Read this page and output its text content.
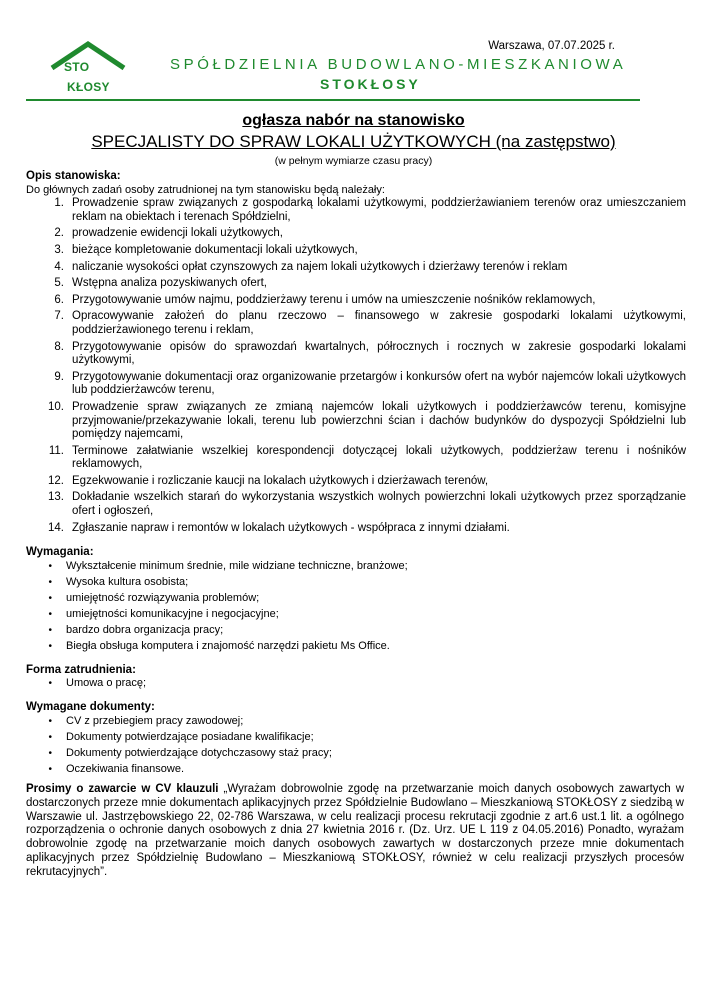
STO
KŁOSY
Warszawa, 07.07.2025 r.
SPÓŁDZIELNIA BUDOWLANO-MIESZKANIOWA
STOKŁOSY
ogłasza nabór na stanowisko
SPECJALISTY DO SPRAW LOKALI UŻYTKOWYCH (na zastępstwo)
(w pełnym wymiarze czasu pracy)

Opis stanowiska:

Do głównych zadań osoby zatrudnionej na tym stanowisku będą należały:

1. Prowadzenie spraw związanych z gospodarką lokalami użytkowymi, poddzierżawianiem terenów oraz umieszczaniem reklam na obiektach i terenach Spółdzielni,
2. prowadzenie ewidencji lokali użytkowych,
3. bieżące kompletowanie dokumentacji lokali użytkowych,
4. naliczanie wysokości opłat czynszowych za najem lokali użytkowych i dzierżawy terenów i reklam
5. Wstępna analiza pozyskiwanych ofert,
6. Przygotowywanie umów najmu, poddzierżawy terenu i umów na umieszczenie nośników reklamowych,
7. Opracowywanie założeń do planu rzeczowo – finansowego w zakresie gospodarki lokalami użytkowymi, poddzierżawionego terenu i reklam,
8. Przygotowywanie opisów do sprawozdań kwartalnych, półrocznych i rocznych w zakresie gospodarki lokalami użytkowymi,
9. Przygotowywanie dokumentacji oraz organizowanie przetargów i konkursów ofert na wybór najemców lokali użytkowych lub poddzierżawców terenu,
10. Prowadzenie spraw związanych ze zmianą najemców lokali użytkowych i poddzierżawców terenu, komisyjne przyjmowanie/przekazywanie lokali, terenu lub powierzchni ścian i dachów budynków do dyspozycji Spółdzielni lub pomiędzy najemcami,
11. Terminowe załatwianie wszelkiej korespondencji dotyczącej lokali użytkowych, poddzierżaw terenu i nośników reklamowych,
12. Egzekwowanie i rozliczanie kaucji na lokalach użytkowych i dzierżawach terenów,
13. Dokładanie wszelkich starań do wykorzystania wszystkich wolnych powierzchni lokali użytkowych przez sporządzanie ofert i ogłoszeń,
14. Zgłaszanie napraw i remontów w lokalach użytkowych - współpraca z innymi działami.

Wymagania:

•	Wykształcenie minimum średnie, mile widziane techniczne, branżowe;
•	Wysoka kultura osobista;
•	umiejętność rozwiązywania problemów;
•	umiejętności komunikacyjne i negocjacyjne;
•	bardzo dobra organizacja pracy;
•	Biegła obsługa komputera i znajomość narzędzi pakietu Ms Office.

Forma zatrudnienia:

•	Umowa o pracę;

Wymagane dokumenty:

•	CV z przebiegiem pracy zawodowej;
•	Dokumenty potwierdzające posiadane kwalifikacje;
•	Dokumenty potwierdzające dotychczasowy staż pracy;
•	Oczekiwania finansowe.

Prosimy o zawarcie w CV klauzuli „Wyrażam dobrowolnie zgodę na przetwarzanie moich danych osobowych zawartych w dostarczonych przeze mnie dokumentach aplikacyjnych przez Spółdzielnie Budowlano – Mieszkaniową STOKŁOSY z siedzibą w Warszawie ul. Jastrzębowskiego 22, 02-786 Warszawa, w celu realizacji procesu rekrutacji zgodnie z art.6 ust.1 lit. a ogólnego rozporządzenia o ochronie danych osobowych z dnia 27 kwietnia 2016 r. (Dz. Urz. UE L 119 z 04.05.2016) Ponadto, wyrażam dobrowolnie zgodę na przetwarzanie moich danych osobowych zawartych w dostarczonych przeze mnie dokumentach aplikacyjnych przez Spółdzielnię Budowlano – Mieszkaniową STOKŁOSY, również w celu realizacji przyszłych procesów rekrutacyjnych”.
